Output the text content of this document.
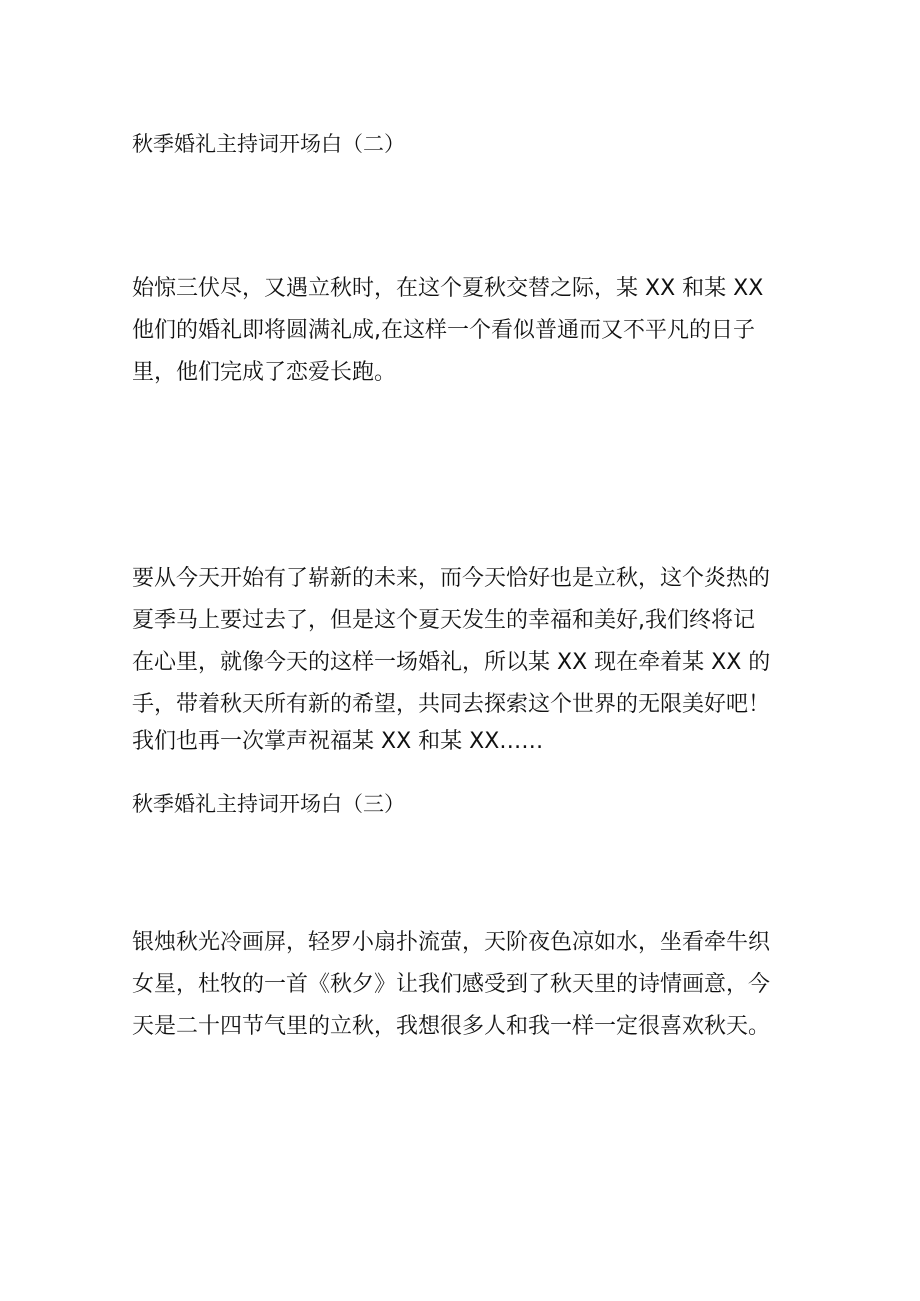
秋季婚礼主持词开场白（二）

始惊三伏尽，又遇立秋时，在这个夏秋交替之际，某 XX 和某 XX
他们的婚礼即将圆满礼成,在这样一个看似普通而又不平凡的日子
里，他们完成了恋爱长跑。

要从今天开始有了崭新的未来，而今天恰好也是立秋，这个炎热的
夏季马上要过去了，但是这个夏天发生的幸福和美好,我们终将记
在心里，就像今天的这样一场婚礼，所以某 XX 现在牵着某 XX 的
手，带着秋天所有新的希望，共同去探索这个世界的无限美好吧！
我们也再一次掌声祝福某 XX 和某 XX……

秋季婚礼主持词开场白（三）

银烛秋光冷画屏，轻罗小扇扑流萤，天阶夜色凉如水，坐看牵牛织
女星，杜牧的一首《秋夕》让我们感受到了秋天里的诗情画意，今
天是二十四节气里的立秋，我想很多人和我一样一定很喜欢秋天。
